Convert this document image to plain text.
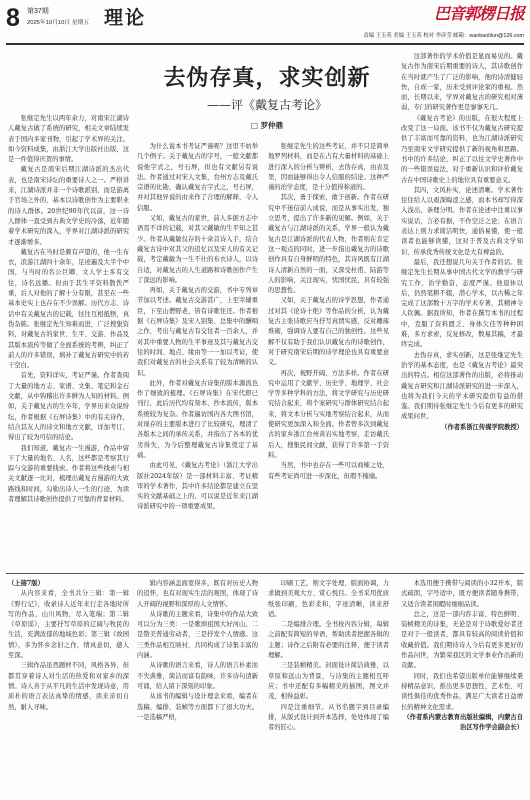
8 第37期
2025年10月10日 星期五 理论	巴音郭楞日报
责编 王玉英 美编 王玉英 校对 李彦莹 邮箱：wanbaolilun@126.com
去伪存真，求实创新
——评《戴复古考论》
□ 罗仲鼎

张继定先生以两年余力，对南宋江湖诗人戴复古做了系统的研究，相关文章陆续发表于国内多家刊物，引起了学术界的关注。如今资料成集，由浙江大学出版社出版，这是一件值得庆贺的事情。

戴复古是南宋后期江湖诗派的杰出代表，也是南宋诗坛的重要诗人之一。严格讲来，江湖诗派并非一个诗歌派别，而是游离于官场之外的、基本以诗歌创作为主要职业的诗人群体。20世纪90年代以前，这一诗人群体一直受到古典文学史的冷落，近年随着学术研究的深入，学界对江湖诗派的研究才逐渐增多。

戴复古在当时是颇有声望的，他一生布衣，浪游江湖四十余年，足迹遍及大半个中国，与当时的名公巨卿、文人学士多有交往，诗名远播。但由于其生平资料散佚严重，后人对他的了解十分有限，甚至在一些基本史实上也存在不少误解。历代方志、诗话中有关戴复古的记载，往往互相抵牾，真伪杂陈。张继定先生知难而进，广泛搜集资料，对戴复古的家世、生平、交游、作品及其版本流传等做了全面系统的考辨，纠正了前人的许多错误，填补了戴复古研究中的若干空白。

首先，资料详实，考证严谨。作者查阅了大量的地方志、家谱、文集、笔记和金石文献，从中钩稽出许多鲜为人知的材料。例如，关于戴复古的生卒年，学界历来众说纷纭，作者根据《石屏诗集》中的有关诗作，结合其友人的诗文和地方文献，详加考订，得出了较为可信的结论。

我们知道，戴复古一生漫游，作品中留下了大量的地名、人名，这些都是考察其行踪与交游的重要线索。作者将这些线索与相关文献逐一比对，梳理出戴复古漫游的大致路线和时间，勾勒出诗人一生的行迹，为读者理解其诗歌创作提供了可靠的背景材料。

为什么说本书考证严谨呢？这里不妨举几个例子。关于戴复古的字号，一般文献都说他字式之，号石屏，但也有文献另有说法。作者通过对宋人文集、台州方志及戴氏宗谱的比勘，确认戴复古字式之，号石屏，并对其他异说的由来作了合理的解释，令人信服。

又如，戴复古的家世，前人多据方志中语焉不详的记载，对其父戴敏的生平知之甚少。作者从戴敏仅存的十余首诗入手，结合戴复古诗中对其父的追忆以及宋人的有关记载，考定戴敏为一生不仕的布衣诗人，以诗自适，对戴复古的人生道路和诗歌创作产生了深远的影响。

再如，关于戴复古的交游，书中专列章节加以考述。戴复古交游甚广，上至宰辅重臣，下至山僧野老，皆有诗歌往还。作者根据《石屏诗集》及宋人别集、总集中的酬唱之作，考出与戴复古有交往者一百余人，并对其中重要人物的生平事迹及其与戴复古交往的时间、地点、缘由等一一加以考证，使我们对戴复古的社会关系有了较为清晰的认识。

此外，作者对戴复古诗集的版本源流也作了细致的梳理。《石屏诗集》在宋代即已刊行，此后历代均有刻本、抄本流传，版本系统较为复杂。作者遍访国内各大图书馆，对现存的主要版本进行了比较研究，理清了各版本之间的承传关系，并指出了各本的优劣得失，为今后整理戴复古诗集奠定了基础。

由此可见，《戴复古考论》（浙江大学出版社2024年版）是一部材料丰富、考证精审的学术著作，其中许多结论都是建立在坚实的文献基础之上的，可以说是近年来江湖诗派研究中的一项重要成果。

张继定先生的这些考证，并不只是简单地罗列材料，而是在占有大量材料的基础上进行深入的分析与辨析，去伪存真，由表及里，因而能够得出令人信服的结论。这种严谨的治学态度，是十分值得称道的。

其次，勇于探索，敢于创新。作者在研究中不迷信前人成说，而是从事实出发，独立思考，提出了许多新的见解。例如，关于戴复古与江湖诗派的关系，学界一般认为戴复古是江湖诗派的代表人物，作者则在肯定这一观点的同时，进一步指出戴复古的诗歌创作具有自身鲜明的特色，其诗风既有江湖诗人清新自然的一面，又深受杜甫、陆游等人的影响，关注现实，忧国忧民，具有较强的思想性。

又如，关于戴复古的诗学思想，作者通过对其《论诗十绝》等作品的分析，认为戴复古主张诗歌应当抒写真情实感，反对雕琢堆砌，强调诗人要有自己的独创性。这些见解不仅有助于我们认识戴复古的诗歌创作，对于研究南宋后期的诗学理论也具有重要意义。

再次，视野开阔，方法多样。作者在研究中运用了文献学、历史学、地理学、社会学等多种学科的方法，将文学研究与历史研究结合起来，将个案研究与群体研究结合起来，将文本分析与实地考察结合起来，从而使研究更加深入和全面。作者曾多次到戴复古的家乡浙江台州黄岩实地考察，走访戴氏后人，搜集民间文献，获得了许多第一手资料。

当然，书中也存在一些可以商榷之处，有些考证尚可进一步深化，但瑕不掩瑜。

这部著作的学术价值是显而易见的。戴复古作为南宋后期重要的诗人，其诗歌创作在当时就产生了广泛的影响，他的诗清健轻快，自成一家，历来受到评论家的重视。然而，长期以来，学界对戴复古的研究相对薄弱，专门的研究著作更是寥寥无几。

《戴复古考论》的出版，在很大程度上改变了这一局面。该书不仅为戴复古研究提供了丰富而可靠的资料，也为江湖诗派研究乃至南宋文学研究提供了新的视角和思路。书中的许多结论，纠正了以往文学史著作中的一些错误说法，对于重新认识和评价戴复古在中国诗歌史上的地位具有重要意义。

其四，文风朴实，论述清晰。学术著作往往给人以艰深晦涩之感，而本书却写得深入浅出，条理分明。作者在论述中注重以事实说话，言必有据，不作空泛之论；在语言表达上则力求简洁明快，通俗易懂，使一般读者也能够读懂，这对于普及古典文学知识、传承优秀传统文化是大有裨益的。

最后，我还想说几句关于作者的话。张继定先生长期从事中国古代文学的教学与研究工作，治学勤奋，态度严谨。他退休以后，仍然笔耕不辍，潜心学术，以古稀之年完成了这部数十万字的学术专著，其精神令人钦佩。据我所知，作者在撰写本书的过程中，克服了资料匮乏、身体欠佳等种种困难，多方求索，反复修改，数易其稿，才最终完成。

去伪存真，求实创新，这是张继定先生治学的基本态度，也是《戴复古考论》最突出的特点。相信这部著作的出版，必将推动戴复古研究和江湖诗派研究的进一步深入，也将为我们今天的学术研究提供有益的借鉴。我们期待张继定先生今后有更多的研究成果问世。

（作者系浙江传媒学院教授）

（上接7版）

从内容来看，全书共分三辑：第一辑《野行记》，收录诗人近年来行走各地时所写的作品，山川风物，尽入笔端；第二辑《草原谣》，主要抒写草原的辽阔与牧民的生活，充满浓郁的地域色彩；第三辑《故园情》，多为怀乡念旧之作，情真意切，感人至深。

三辑作品虽然题材不同，风格各异，但都贯穿着诗人对生活的热爱和对家乡的深情。诗人善于从平凡的生活中发现诗意，用质朴的语言表达真挚的情感，读来亲切自然，耐人寻味。

辑内容涵盖面宽得多，既有对历史人物的追怀，也有对现实生活的观照，体现了诗人开阔的视野和深厚的人文情怀。

从诗歌的主题来看，诗集中的作品大致可以分为三类：一是歌颂祖国大好河山，二是赞美普通劳动者，三是抒发个人情感。这三类作品相互映衬，共同构成了诗集丰富的内涵。

从诗歌的语言来看，诗人的语言朴素而不失典雅，简洁而富有韵味，许多诗句清新可诵，给人留下深刻的印象。

从该书的编辑与设计理念来看，编者在选稿、编排、装帧等方面都下了很大功夫。一是选稿严格，

印刷工艺，则文字处理、版面协调，力求做到美观大方、赏心悦目。全书采用优质纸张印刷，色彩柔和，字迹清晰，读来舒适。

二是编排合理。全书按内容分辑，每辑之前配有简短的导语，帮助读者把握各辑的主题；诗作之后附有必要的注释，便于读者理解。

三是装帧精美。封面设计简洁典雅，以草原和远山为背景，与诗集的主题相互呼应；书中还配有多幅精美的插图，图文并茂，相得益彰。

四是注重细节。从书名题字到目录编排，从版式设计到开本选择，处处体现了编者的匠心。

本选用便于携带与阅读的小32开本，版式疏朗，字号适中，既方便读者随身携带，又适合读者闲暇时细细品读。

总之，这是一部内容丰富、特色鲜明、装帧精美的诗集，无论是对于诗歌爱好者还是对于一般读者，都具有较高的阅读价值和收藏价值。我们期待诗人今后有更多更好的作品问世，为繁荣我区的文学事业作出新的贡献。

同时，我们也希望出版单位能够继续秉持精品意识，推出更多思想性、艺术性、可读性俱佳的优秀作品，满足广大读者日益增长的精神文化需求。

（作者系内蒙古教育出版社编辑，内蒙古自治区写作学会副会长）
